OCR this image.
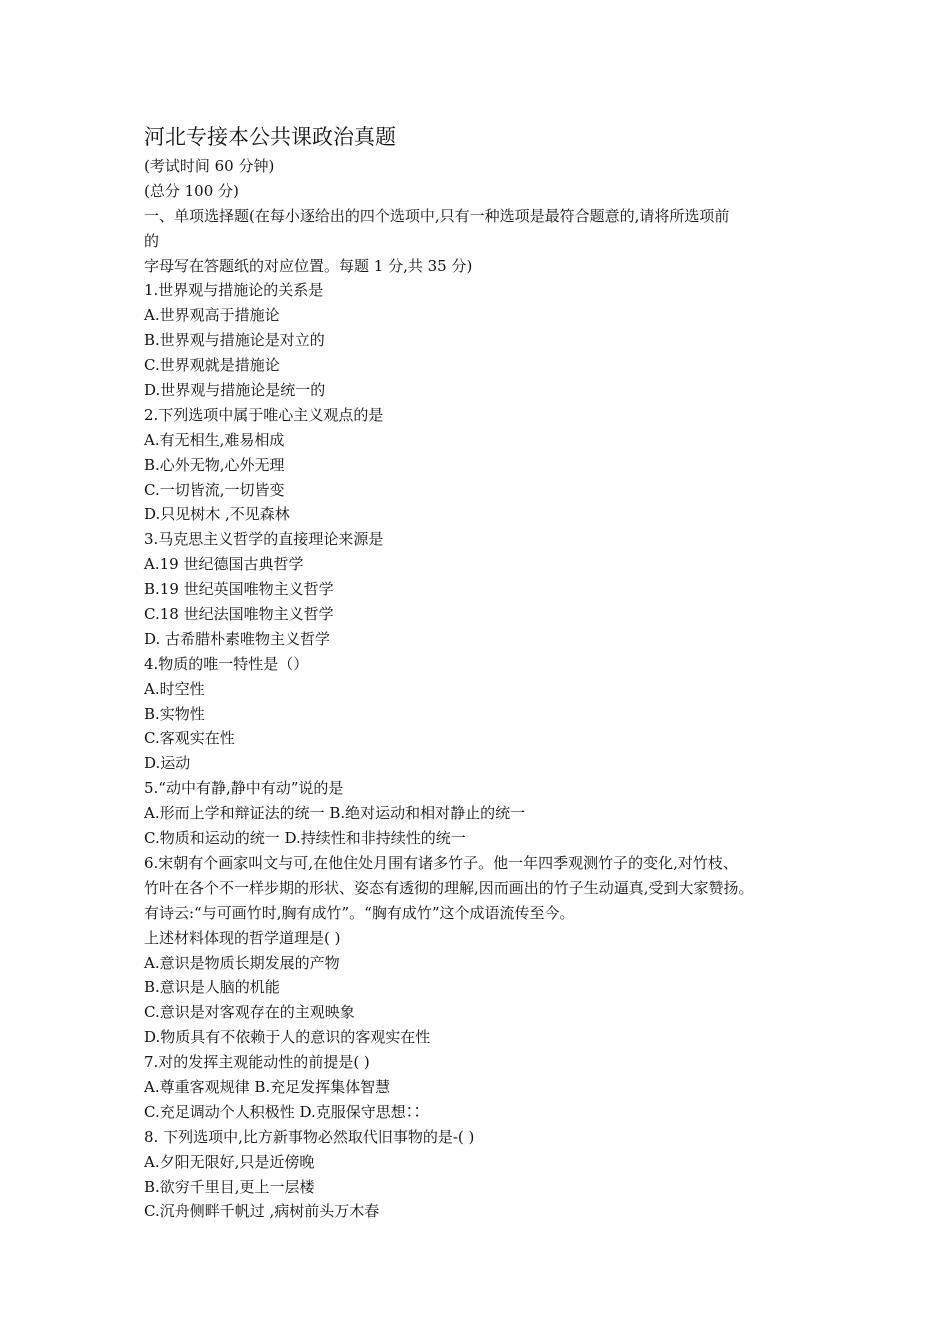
河北专接本公共课政治真题

(考试时间 60 分钟)

(总分 100 分)

一、单项选择题(在每小逐给出的四个选项中,只有一种选项是最符合题意的,请将所选项前

的

字母写在答题纸的对应位置。每题 1 分,共 35 分)

1.世界观与措施论的关系是

A.世界观高于措施论

B.世界观与措施论是对立的

C.世界观就是措施论

D.世界观与措施论是统一的

2.下列选项中属于唯心主义观点的是

A.有无相生,难易相成

B.心外无物,心外无理

C.一切皆流,一切皆变

D.只见树木 ,不见森林

3.马克思主义哲学的直接理论来源是

A.19 世纪德国古典哲学

B.19 世纪英国唯物主义哲学

C.18 世纪法国唯物主义哲学

D. 古希腊朴素唯物主义哲学

4.物质的唯一特性是（）

A.时空性

B.实物性

C.客观实在性

D.运动

5.“动中有静,静中有动”说的是

A.形而上学和辩证法的统一 B.绝对运动和相对静止的统一

C.物质和运动的统一 D.持续性和非持续性的统一

6.宋朝有个画家叫文与可,在他住处月围有诸多竹子。他一年四季观测竹子的变化,对竹枝、

竹叶在各个不一样步期的形状、姿态有透彻的理解,因而画出的竹子生动逼真,受到大家赞扬。

有诗云:“与可画竹时,胸有成竹”。“胸有成竹”这个成语流传至今。

上述材料体现的哲学道理是( )

A.意识是物质长期发展的产物

B.意识是人脑的机能

C.意识是对客观存在的主观映象

D.物质具有不依赖于人的意识的客观实在性

7.对的发挥主观能动性的前提是( )

A.尊重客观规律 B.充足发挥集体智慧

C.充足调动个人积极性 D.克服保守思想∷

8. 下列选项中,比方新事物必然取代旧事物的是-( )

A.夕阳无限好,只是近傍晚

B.欲穷千里目,更上一层楼

C.沉舟侧畔千帆过 ,病树前头万木春
